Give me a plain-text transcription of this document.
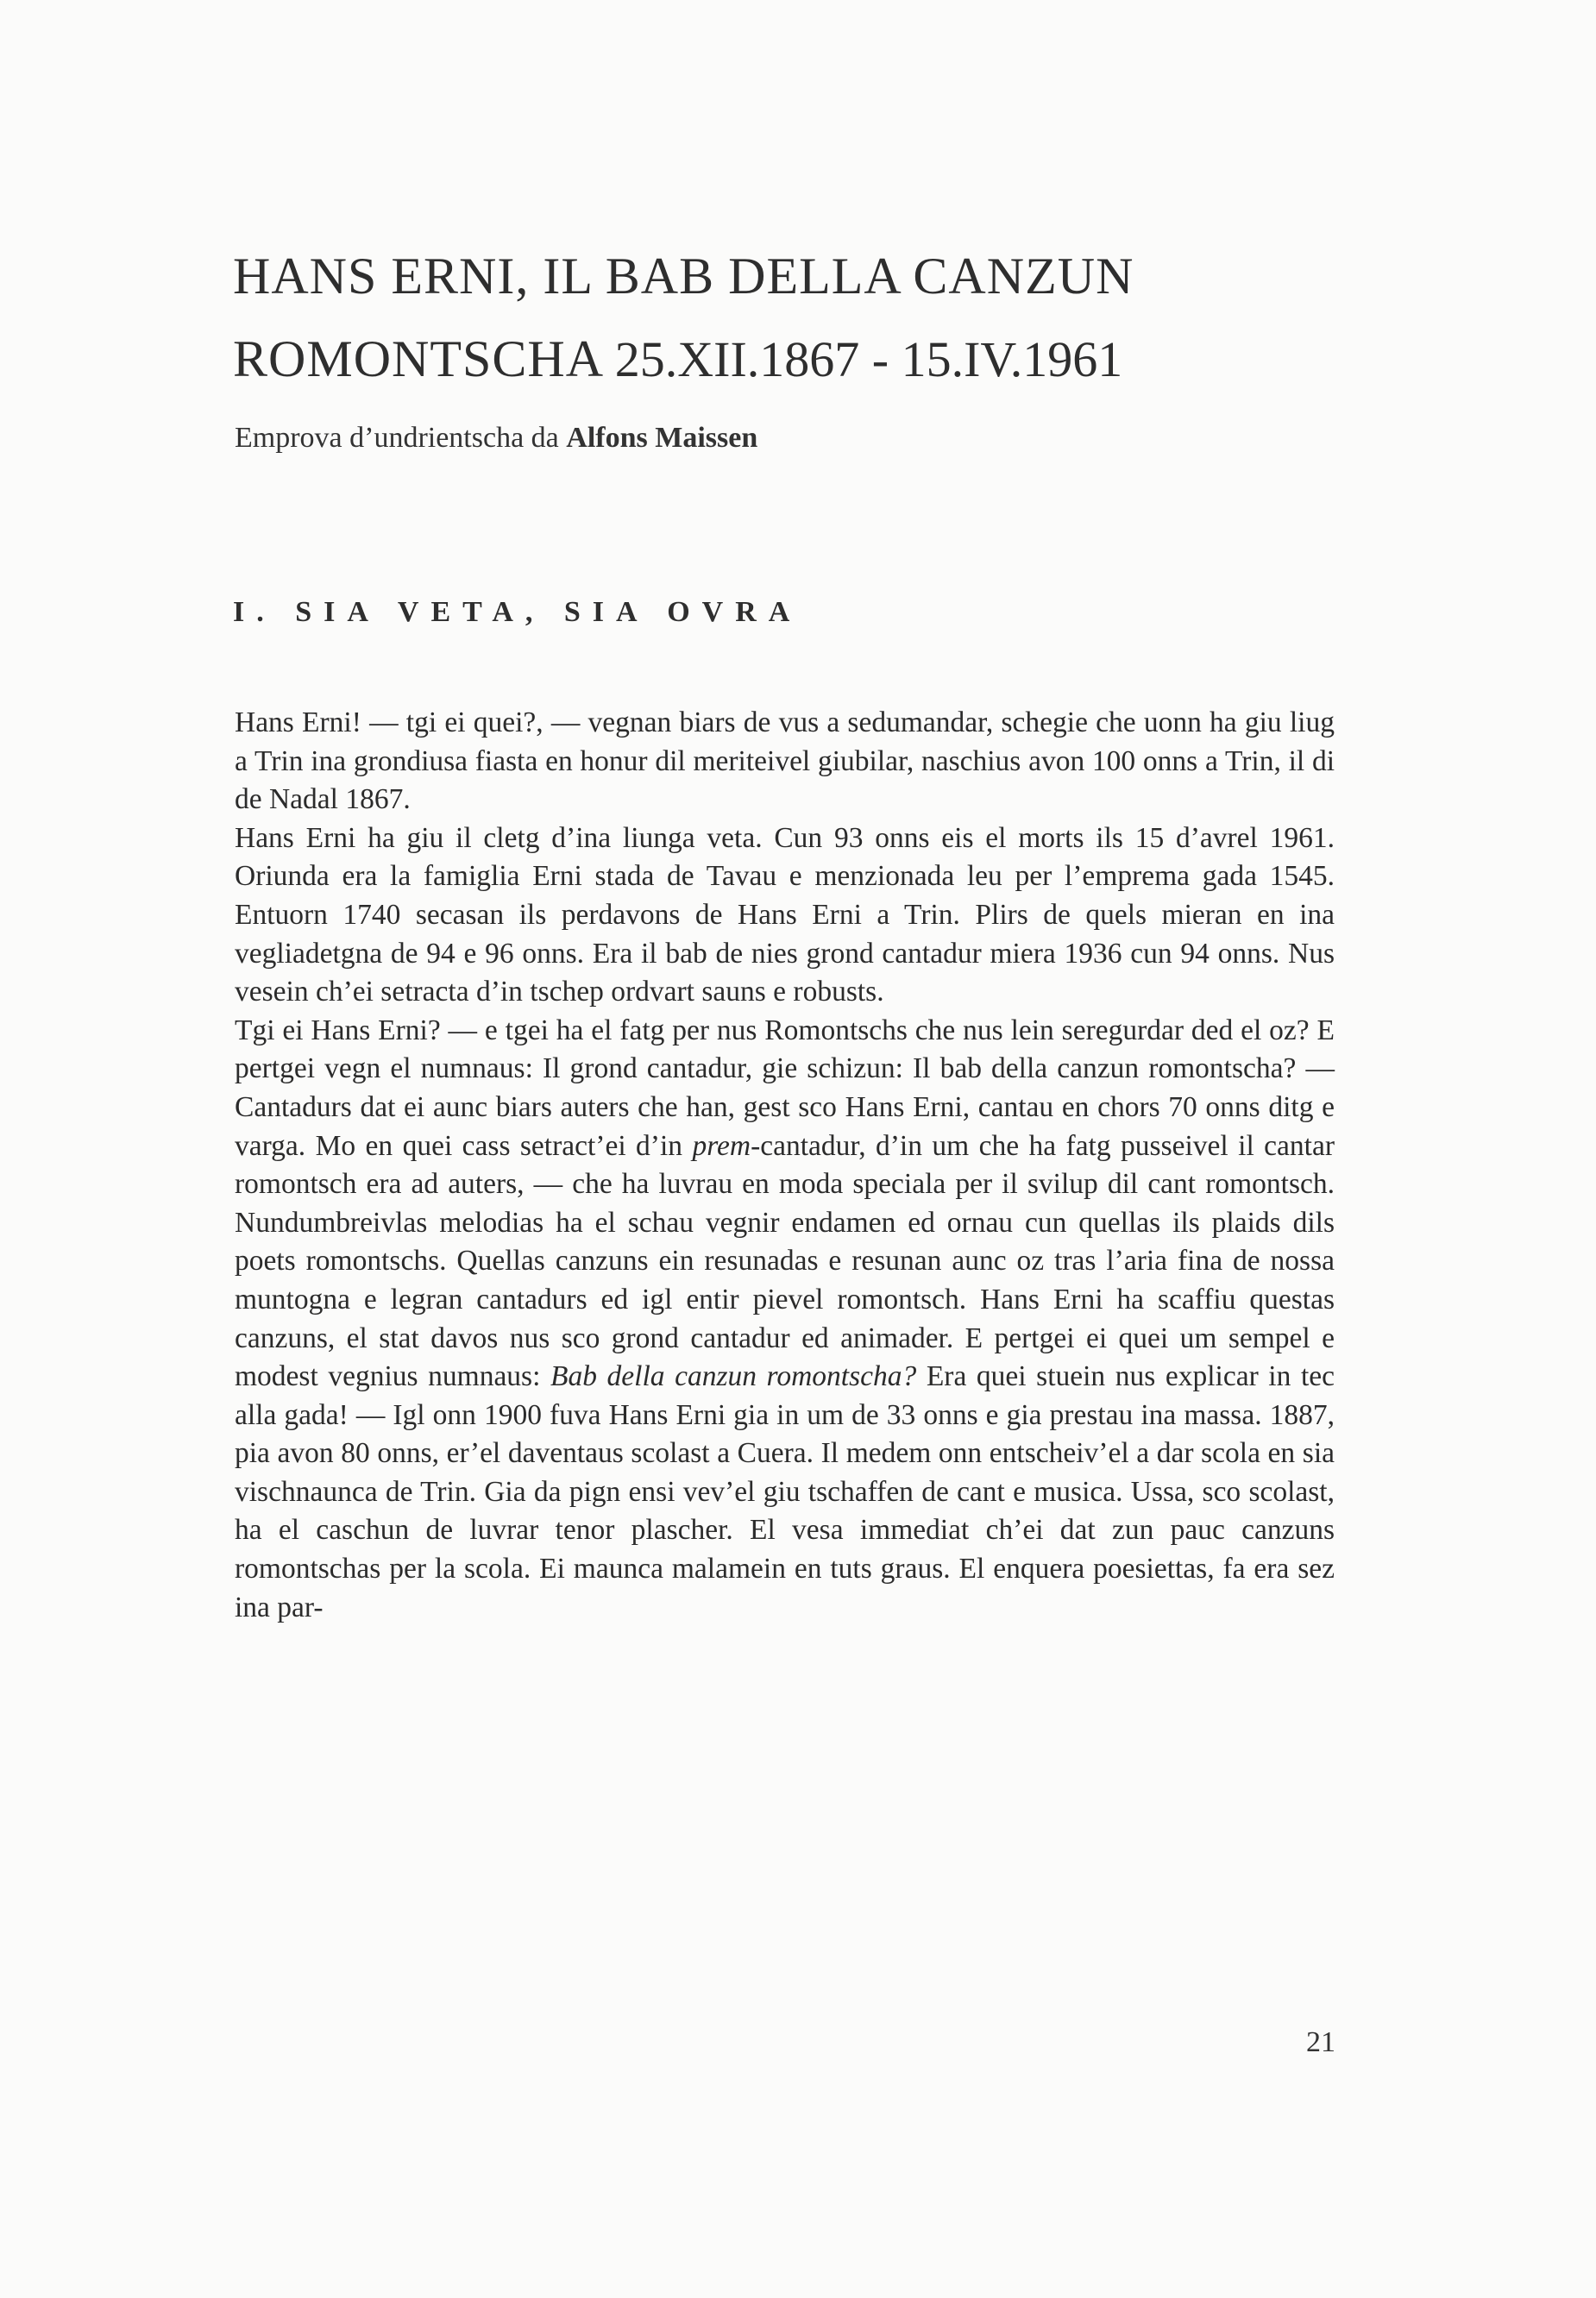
HANS ERNI, IL BAB DELLA CANZUN
ROMONTSCHA 25.XII.1867 - 15.IV.1961
Emprova d’undrientscha da Alfons Maissen
I. SIA VETA, SIA OVRA

Hans Erni! — tgi ei quei?, — vegnan biars de vus a sedumandar, schegie che uonn ha giu liug a Trin ina grondiusa fiasta en honur dil meriteivel giubilar, naschius avon 100 onns a Trin, il di de Nadal 1867.

Hans Erni ha giu il cletg d’ina liunga veta. Cun 93 onns eis el morts ils 15 d’avrel 1961. Oriunda era la famiglia Erni stada de Tavau e menzionada leu per l’emprema gada 1545. Entuorn 1740 secasan ils perdavons de Hans Erni a Trin. Plirs de quels mieran en ina vegliadetgna de 94 e 96 onns. Era il bab de nies grond cantadur miera 1936 cun 94 onns. Nus vesein ch’ei setracta d’in tschep ordvart sauns e robusts.

Tgi ei Hans Erni? — e tgei ha el fatg per nus Romontschs che nus lein seregurdar ded el oz? E pertgei vegn el numnaus: Il grond cantadur, gie schizun: Il bab della canzun romontscha? — Cantadurs dat ei aunc biars auters che han, gest sco Hans Erni, cantau en chors 70 onns ditg e varga. Mo en quei cass setract’ei d’in prem-cantadur, d’in um che ha fatg pusseivel il cantar romontsch era ad auters, — che ha luvrau en moda speciala per il svilup dil cant romontsch. Nundumbreivlas melodias ha el schau vegnir endamen ed ornau cun quellas ils plaids dils poets romontschs. Quellas canzuns ein resunadas e resunan aunc oz tras l’aria fina de nossa muntogna e legran cantadurs ed igl entir pievel romontsch. Hans Erni ha scaffiu questas canzuns, el stat davos nus sco grond cantadur ed animader. E pertgei ei quei um sempel e modest vegnius numnaus: Bab della canzun romontscha? Era quei stuein nus explicar in tec alla gada! — Igl onn 1900 fuva Hans Erni gia in um de 33 onns e gia prestau ina massa. 1887, pia avon 80 onns, er’el daventaus scolast a Cuera. Il medem onn entscheiv’el a dar scola en sia vischnaunca de Trin. Gia da pign ensi vev’el giu tschaffen de cant e musica. Ussa, sco scolast, ha el caschun de luvrar tenor plascher. El vesa immediat ch’ei dat zun pauc canzuns romontschas per la scola. Ei maunca malamein en tuts graus. El enquera poesiettas, fa era sez ina par-

21
